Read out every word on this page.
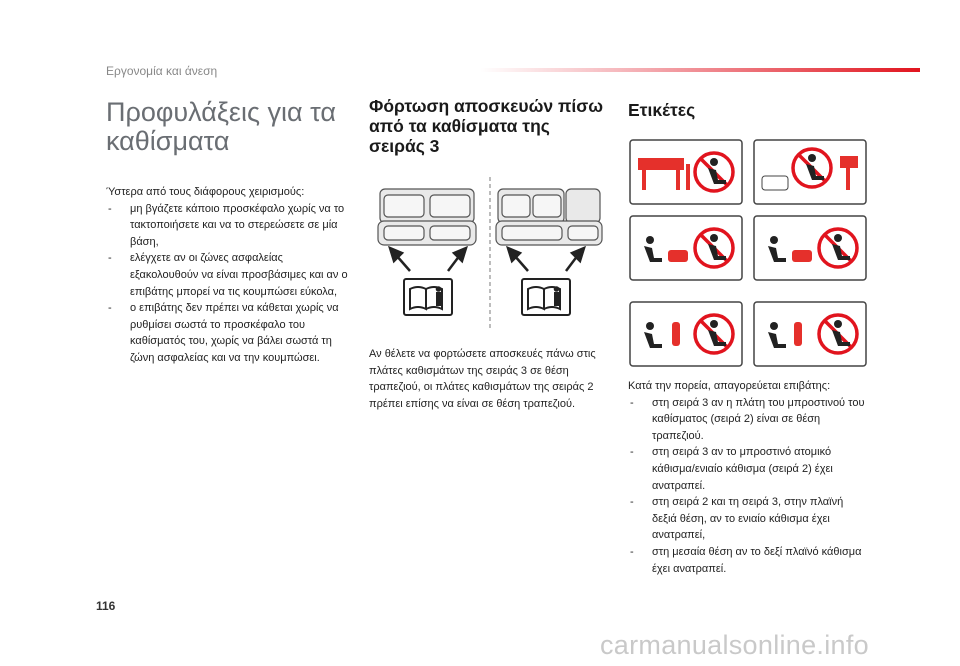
Εργονομία και άνεση
Προφυλάξεις για τα καθίσματα

Ύστερα από τους διάφορους χειρισμούς:

- μη βγάζετε κάποιο προσκέφαλο χωρίς να το τακτοποιήσετε και να το στερεώσετε σε μία βάση,
- ελέγχετε αν οι ζώνες ασφαλείας εξακολουθούν να είναι προσβάσιμες και αν ο επιβάτης μπορεί να τις κουμπώσει εύκολα,
- ο επιβάτης δεν πρέπει να κάθεται χωρίς να ρυθμίσει σωστά το προσκέφαλο του καθίσματός του, χωρίς να βάλει σωστά τη ζώνη ασφαλείας και να την κουμπώσει.
Φόρτωση αποσκευών πίσω από τα καθίσματα της σειράς 3
Αν θέλετε να φορτώσετε αποσκευές πάνω στις πλάτες καθισμάτων της σειράς 3 σε θέση τραπεζιού, οι πλάτες καθισμάτων της σειράς 2 πρέπει επίσης να είναι σε θέση τραπεζιού.
Ετικέτες

Κατά την πορεία, απαγορεύεται επιβάτης:

- στη σειρά 3 αν η πλάτη του μπροστινού του καθίσματος (σειρά 2) είναι σε θέση τραπεζιού.
- στη σειρά 3 αν το μπροστινό ατομικό κάθισμα/ενιαίο κάθισμα (σειρά 2) έχει ανατραπεί.
- στη σειρά 2 και τη σειρά 3, στην πλαϊνή δεξιά θέση, αν το ενιαίο κάθισμα έχει ανατραπεί,
- στη μεσαία θέση αν το δεξί πλαϊνό κάθισμα έχει ανατραπεί.
116
carmanualsonline.info
